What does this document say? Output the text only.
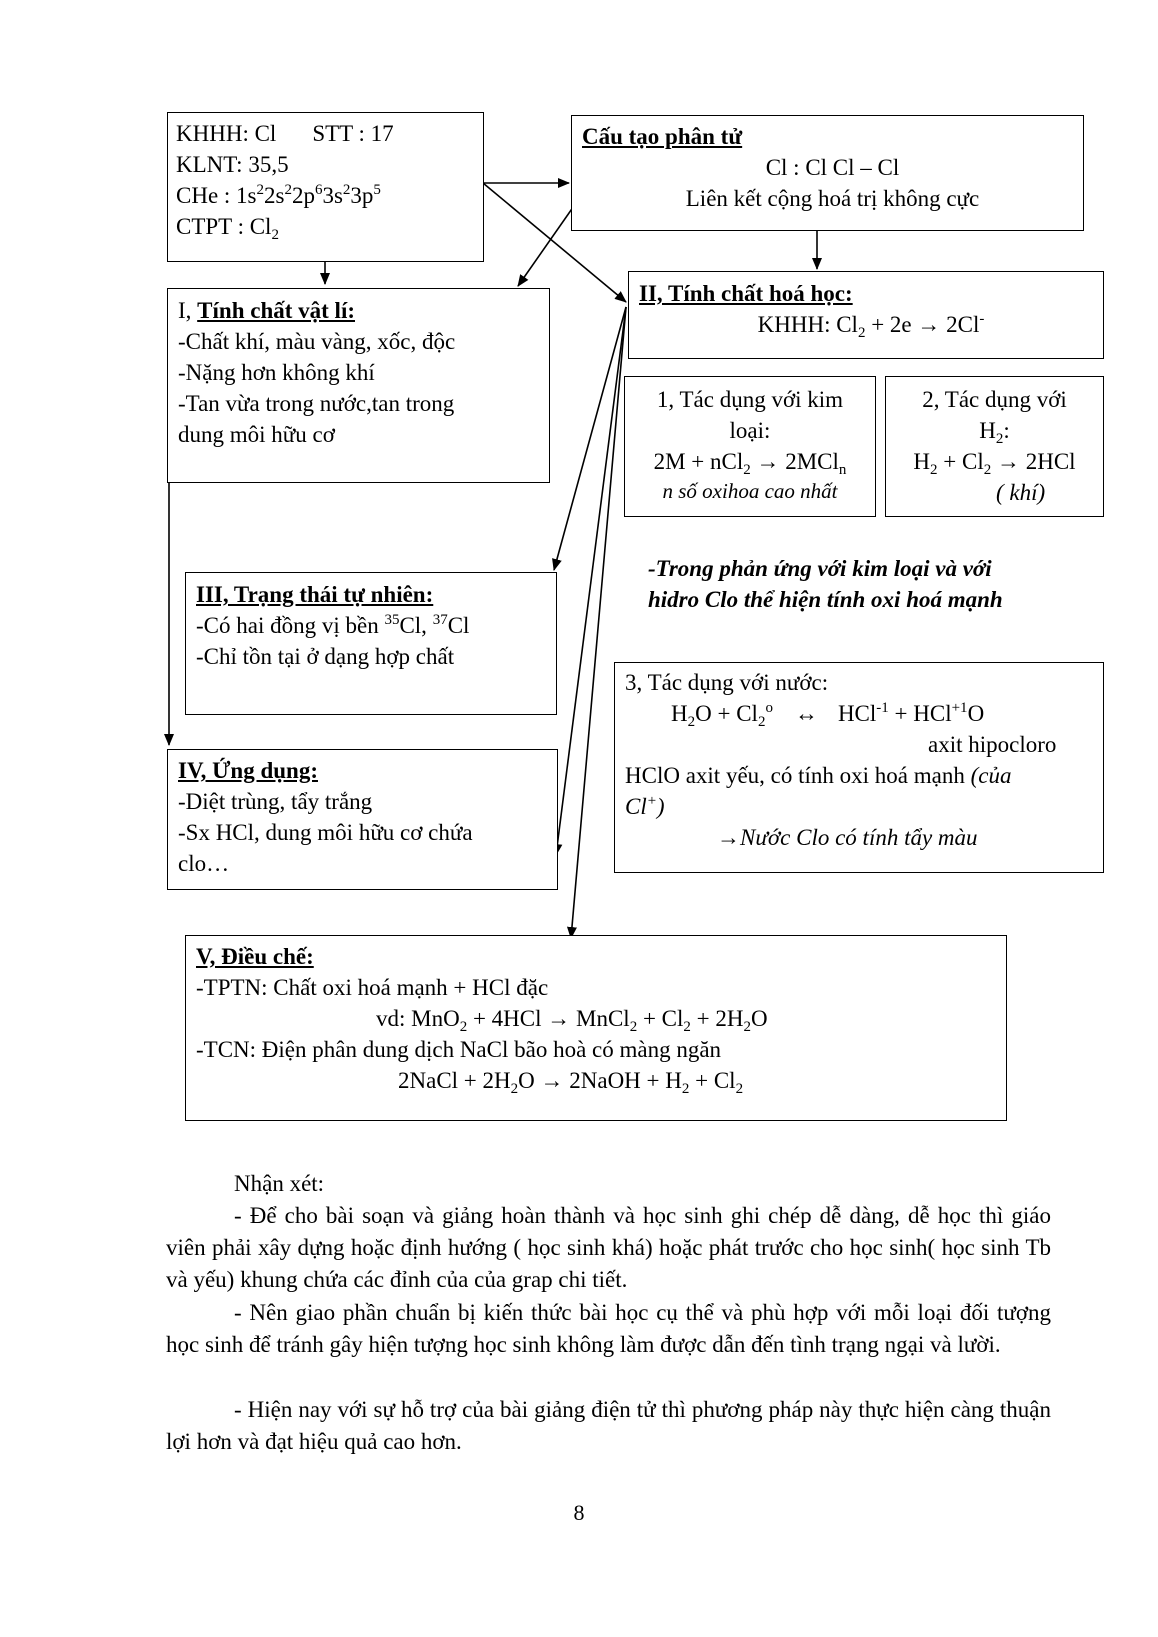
KHHH: Cl STT : 17
KLNT: 35,5
CHe : $1s^22s^22p^63s^23p^5$
CTPT : $Cl_2$
Cấu tạo phân tử
Cl : Cl Cl – Cl
Liên kết cộng hoá trị không cực
I, Tính chất vật lí:
-Chất khí, màu vàng, xốc, độc
-Nặng hơn không khí
-Tan vừa trong nước,tan trong
dung môi hữu cơ
II, Tính chất hoá học:
KHHH: $Cl_2 + 2e \to 2Cl^-$
1, Tác dụng với kim
loại:
2M + nCl$_2$ → 2MCl$_n$
n số oxihoa cao nhất
2, Tác dụng với
$H_2$:
$H_2 + Cl_2 \to 2HCl$
( khí)
-Trong phản ứng với kim loại và với
hidro Clo thể hiện tính oxi hoá mạnh
III, Trạng thái tự nhiên:
-Có hai đồng vị bền $^{35}$Cl, $^{37}$Cl
-Chỉ tồn tại ở dạng hợp chất
3, Tác dụng với nước:
$H_2O + Cl_2^o$ ↔ HCl$^{-1}$ + HCl$^{+1}$O
axit hipocloro
HClO axit yếu, có tính oxi hoá mạnh (của
Cl+)
→Nước Clo có tính tẩy màu
IV, Ứng dụng:
-Diệt trùng, tẩy trắng
-Sx HCl, dung môi hữu cơ chứa
clo…
V, Điều chế:
-TPTN: Chất oxi hoá mạnh + HCl đặc
vd: MnO$_2$ + 4HCl → MnCl$_2$ + $Cl_2 + 2H_2O$
-TCN: Điện phân dung dịch NaCl bão hoà có màng ngăn
2NaCl + $2H_2O$ → 2NaOH + $H_2 + Cl_2$
Nhận xét:
- Để cho bài soạn và giảng hoàn thành và học sinh ghi chép dễ dàng, dễ học thì giáo viên phải xây dựng hoặc định hướng ( học sinh khá) hoặc phát trước cho học sinh( học sinh Tb và yếu) khung chứa các đỉnh của của grap chi tiết.
- Nên giao phần chuẩn bị kiến thức bài học cụ thể và phù hợp với mỗi loại đối tượng học sinh để tránh gây hiện tượng học sinh không làm được dẫn đến tình trạng ngại và lười.
- Hiện nay với sự hỗ trợ của bài giảng điện tử thì phương pháp này thực hiện càng thuận lợi hơn và đạt hiệu quả cao hơn.
8
